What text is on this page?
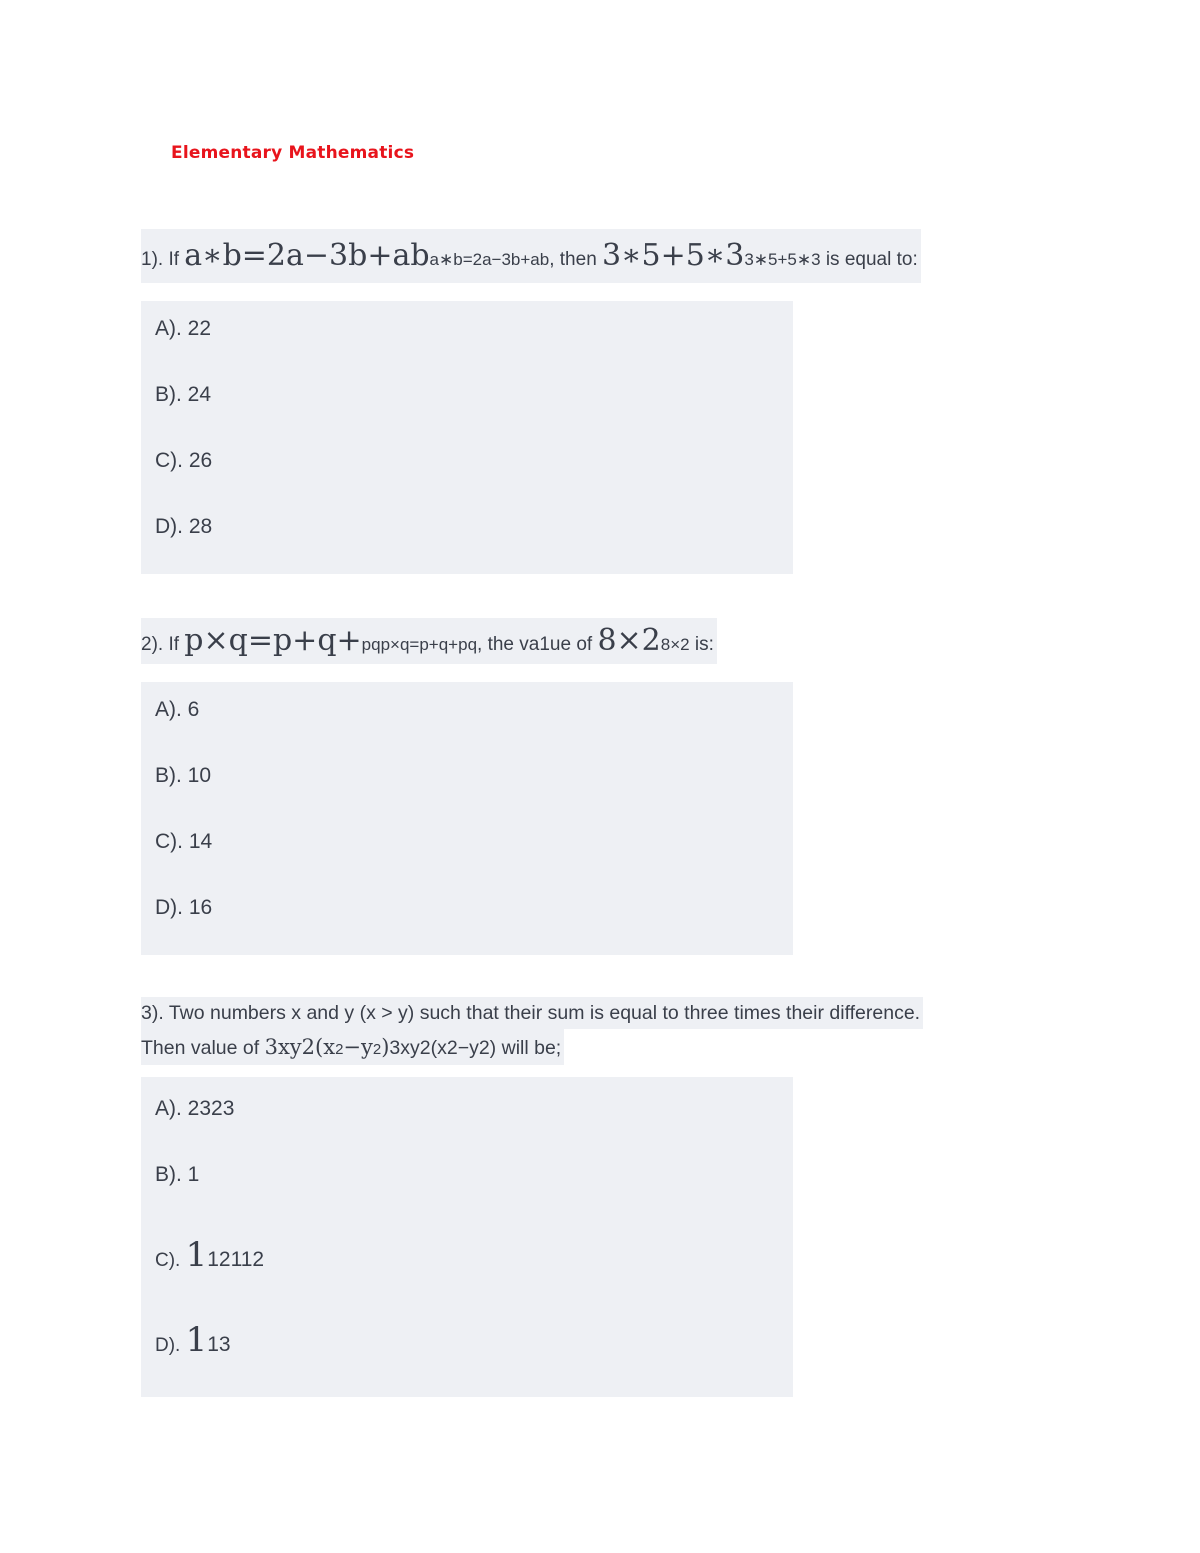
Elementary Mathematics
1). If a∗b=2a−3b+aba∗b=2a−3b+ab, then 3∗5+5∗33∗5+5∗3 is equal to:
A). 22
B). 24
C). 26
D). 28
2). If p×q=p+q+pqp×q=p+q+pq, the va1ue of 8×28×2 is:
A). 6
B). 10
C). 14
D). 16
3). Two numbers x and y (x > y) such that their sum is equal to three times their difference.
Then value of 3xy2(x2−y2)3xy2(x2−y2) will be;
A). 2323
B). 1
C). 112112
D). 113
